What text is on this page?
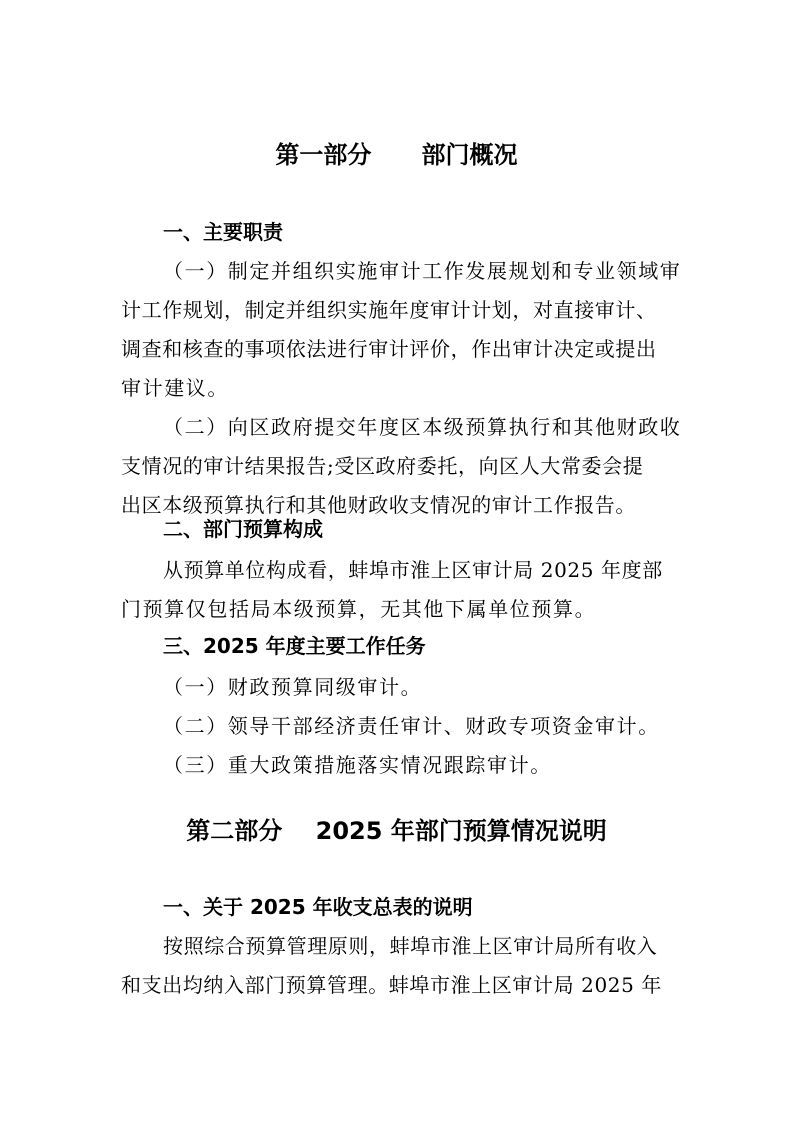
第一部分      部门概况
一、主要职责
（一）制定并组织实施审计工作发展规划和专业领域审
计工作规划，制定并组织实施年度审计计划，对直接审计、
调查和核查的事项依法进行审计评价，作出审计决定或提出
审计建议。
（二）向区政府提交年度区本级预算执行和其他财政收
支情况的审计结果报告;受区政府委托，向区人大常委会提
出区本级预算执行和其他财政收支情况的审计工作报告。
二、部门预算构成
从预算单位构成看，蚌埠市淮上区审计局 2025 年度部
门预算仅包括局本级预算，无其他下属单位预算。
三、2025 年度主要工作任务
（一）财政预算同级审计。
（二）领导干部经济责任审计、财政专项资金审计。
（三）重大政策措施落实情况跟踪审计。
第二部分    2025 年部门预算情况说明
一、关于 2025 年收支总表的说明
按照综合预算管理原则，蚌埠市淮上区审计局所有收入
和支出均纳入部门预算管理。蚌埠市淮上区审计局 2025 年
